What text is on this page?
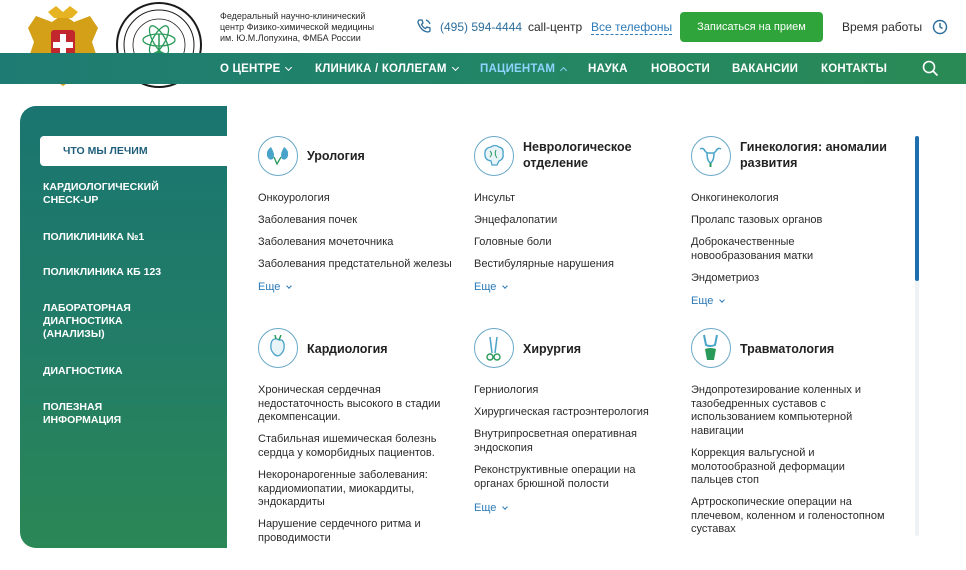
Федеральный научно-клинический
центр Физико-химической медицины
им. Ю.М.Лопухина, ФМБА России
(495) 594-4444 call-центр Все телефоны	Записаться на прием	Время работы
О ЦЕНТРЕ	КЛИНИКА / КОЛЛЕГАМ	ПАЦИЕНТАМ	НАУКА НОВОСТИ ВАКАНСИИ КОНТАКТЫ
ЧТО МЫ ЛЕЧИМ
КАРДИОЛОГИЧЕСКИЙ
CHECK-UP
ПОЛИКЛИНИКА №1
ПОЛИКЛИНИКА КБ 123
ЛАБОРАТОРНАЯ
ДИАГНОСТИКА
(АНАЛИЗЫ)
ДИАГНОСТИКА
ПОЛЕЗНАЯ
ИНФОРМАЦИЯ
Урология
Онкоурология
Заболевания почек
Заболевания мочеточника
Заболевания предстательной железы
Еще
Неврологическое
отделение
Инсульт
Энцефалопатии
Головные боли
Вестибулярные нарушения
Еще
Гинекология: аномалии
развития
Онкогинекология
Пролапс тазовых органов
Доброкачественные
новообразования матки
Эндометриоз
Еще
Кардиология
Хроническая сердечная
недостаточность высокого в стадии
декомпенсации.
Стабильная ишемическая болезнь
сердца у коморбидных пациентов.
Некоронарогенные заболевания:
кардиомиопатии, миокардиты,
эндокардиты
Нарушение сердечного ритма и
проводимости
Хирургия
Герниология
Хирургическая гастроэнтерология
Внутрипросветная оперативная
эндоскопия
Реконструктивные операции на
органах брюшной полости
Еще
Травматология
Эндопротезирование коленных и
тазобедренных суставов с
использованием компьютерной
навигации
Коррекция вальгусной и
молотообразной деформации
пальцев стоп
Артроскопические операции на
плечевом, коленном и голеностопном
суставах
